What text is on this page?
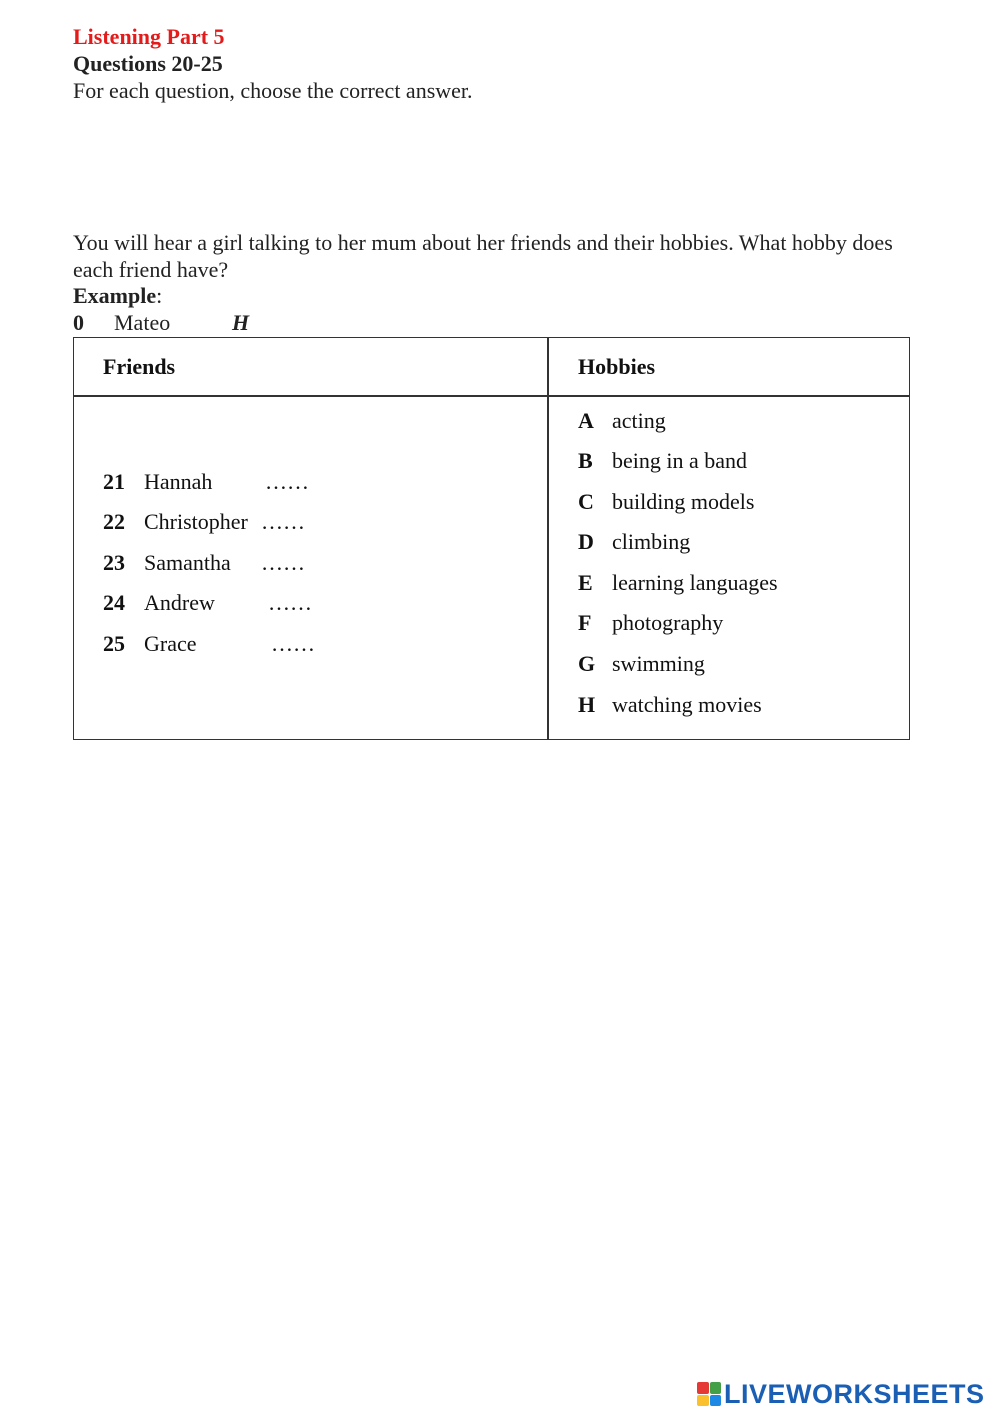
Listening Part 5
Questions 20-25
For each question, choose the correct answer.
You will hear a girl talking to her mum about her friends and their hobbies. What hobby does each friend have?
Example:
0 Mateo	H
Friends	Hobbies
21 Hannah ……
22 Christopher ……
23 Samantha ……
24 Andrew ……
25 Grace	……
A acting
B being in a band
C building models
D climbing
E learning languages
F photography
G swimming
H watching movies
LIVEWORKSHEETS
